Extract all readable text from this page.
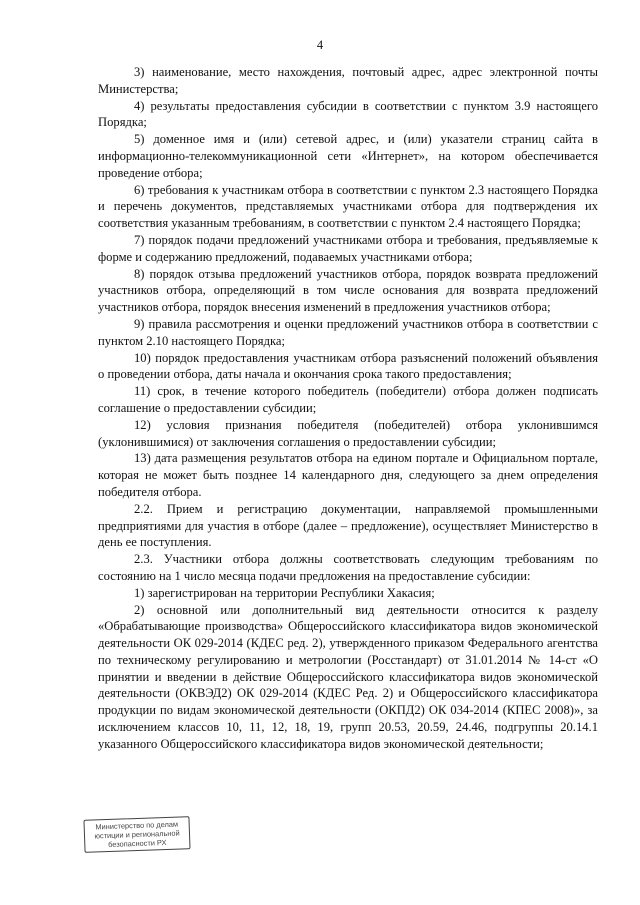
4

3) наименование, место нахождения, почтовый адрес, адрес электронной почты Министерства;

4) результаты предоставления субсидии в соответствии с пунктом 3.9 настоящего Порядка;

5) доменное имя и (или) сетевой адрес, и (или) указатели страниц сайта в информационно-телекоммуникационной сети «Интернет», на котором обеспечивается проведение отбора;

6) требования к участникам отбора в соответствии с пунктом 2.3 настоящего Порядка и перечень документов, представляемых участниками отбора для подтверждения их соответствия указанным требованиям, в соответствии с пунктом 2.4 настоящего Порядка;

7) порядок подачи предложений участниками отбора и требования, предъявляемые к форме и содержанию предложений, подаваемых участниками отбора;

8) порядок отзыва предложений участников отбора, порядок возврата предложений участников отбора, определяющий в том числе основания для возврата предложений участников отбора, порядок внесения изменений в предложения участников отбора;

9) правила рассмотрения и оценки предложений участников отбора в соответствии с пунктом 2.10 настоящего Порядка;

10) порядок предоставления участникам отбора разъяснений положений объявления о проведении отбора, даты начала и окончания срока такого предоставления;

11) срок, в течение которого победитель (победители) отбора должен подписать соглашение о предоставлении субсидии;

12) условия признания победителя (победителей) отбора уклонившимся (уклонившимися) от заключения соглашения о предоставлении субсидии;

13) дата размещения результатов отбора на едином портале и Официальном портале, которая не может быть позднее 14 календарного дня, следующего за днем определения победителя отбора.

2.2. Прием и регистрацию документации, направляемой промышленными предприятиями для участия в отборе (далее – предложение), осуществляет Министерство в день ее поступления.

2.3. Участники отбора должны соответствовать следующим требованиям по состоянию на 1 число месяца подачи предложения на предоставление субсидии:

1) зарегистрирован на территории Республики Хакасия;

2) основной или дополнительный вид деятельности относится к разделу «Обрабатывающие производства» Общероссийского классификатора видов экономической деятельности ОК 029-2014 (КДЕС ред. 2), утвержденного приказом Федерального агентства по техническому регулированию и метрологии (Росстандарт) от 31.01.2014 № 14-ст «О принятии и введении в действие Общероссийского классификатора видов экономической деятельности (ОКВЭД2) ОК 029-2014 (КДЕС Ред. 2) и Общероссийского классификатора продукции по видам экономической деятельности (ОКПД2) ОК 034-2014 (КПЕС 2008)», за исключением классов 10, 11, 12, 18, 19, групп 20.53, 20.59, 24.46, подгруппы 20.14.1 указанного Общероссийского классификатора видов экономической деятельности;

Министерство по делам
юстиции и региональной
безопасности РХ
